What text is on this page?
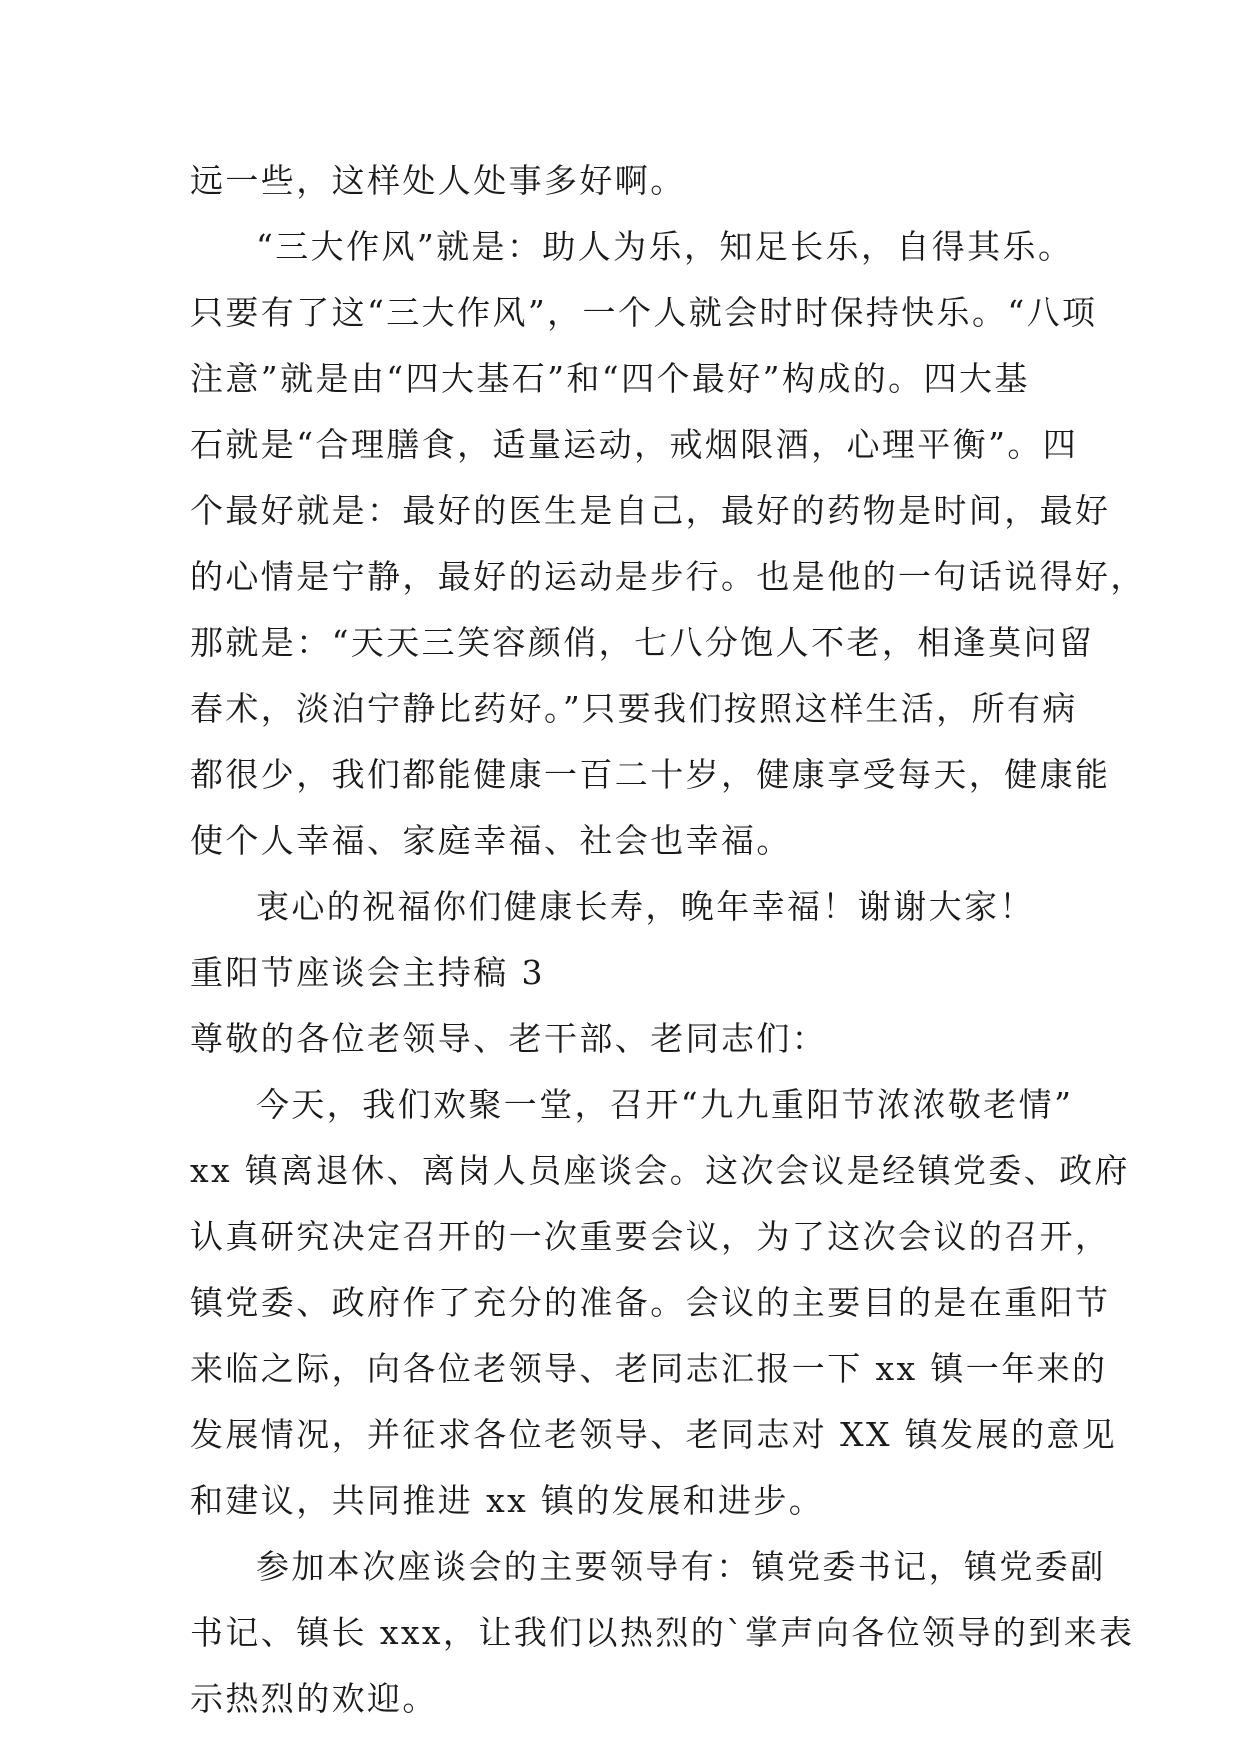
远一些，这样处人处事多好啊。
“三大作风”就是：助人为乐，知足长乐，自得其乐。
只要有了这“三大作风”，一个人就会时时保持快乐。“八项
注意”就是由“四大基石”和“四个最好”构成的。四大基
石就是“合理膳食，适量运动，戒烟限酒，心理平衡”。四
个最好就是：最好的医生是自己，最好的药物是时间，最好
的心情是宁静，最好的运动是步行。也是他的一句话说得好，
那就是：“天天三笑容颜俏，七八分饱人不老，相逢莫问留
春术，淡泊宁静比药好。”只要我们按照这样生活，所有病
都很少，我们都能健康一百二十岁，健康享受每天，健康能
使个人幸福、家庭幸福、社会也幸福。
衷心的祝福你们健康长寿，晚年幸福！谢谢大家！
重阳节座谈会主持稿 3
尊敬的各位老领导、老干部、老同志们：
今天，我们欢聚一堂，召开“九九重阳节浓浓敬老情”
xx 镇离退休、离岗人员座谈会。这次会议是经镇党委、政府
认真研究决定召开的一次重要会议，为了这次会议的召开，
镇党委、政府作了充分的准备。会议的主要目的是在重阳节
来临之际，向各位老领导、老同志汇报一下 xx 镇一年来的
发展情况，并征求各位老领导、老同志对 XX 镇发展的意见
和建议，共同推进 xx 镇的发展和进步。
参加本次座谈会的主要领导有：镇党委书记，镇党委副
书记、镇长 xxx，让我们以热烈的`掌声向各位领导的到来表
示热烈的欢迎。
